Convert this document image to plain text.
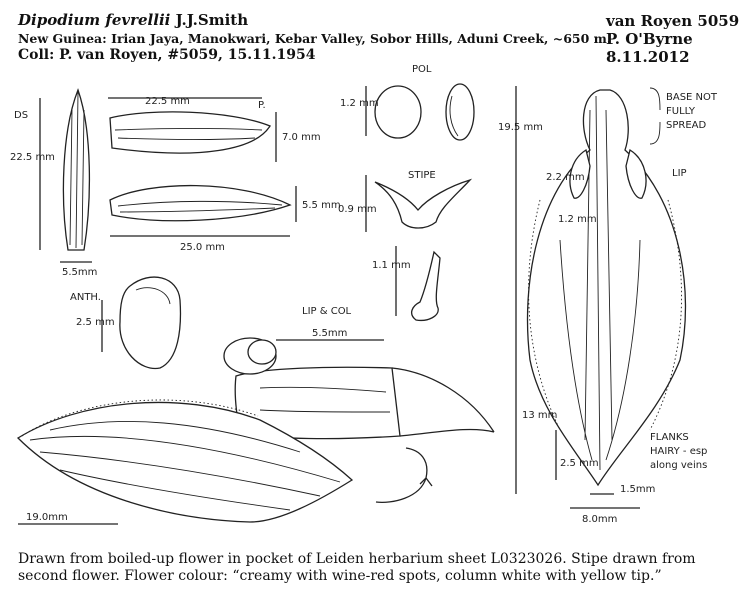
Dipodium fevrellii J.J.Smith
New Guinea: Irian Jaya, Manokwari, Kebar Valley, Sobor Hills, Aduni Creek, ~650 m.
Coll: P. van Royen, #5059, 15.11.1954
van Royen 5059
P. O'Byrne
8.11.2012
DS
22.5 mm
5.5mm
22.5 mm	P.
7.0 mm
5.5 mm
25.0 mm
POL
1.2 mm
STIPE
0.9 mm
1.1 mm
ANTH.
2.5 mm
LIP & COL
5.5mm
19.0mm
BASE NOT
FULLY
SPREAD
LIP
19.5 mm
2.2 mm
1.2 mm
13 mm
2.5 mm
1.5mm
8.0mm
FLANKS
HAIRY - esp
along veins
Drawn from boiled-up flower in pocket of Leiden herbarium sheet L0323026. Stipe drawn from second flower. Flower colour: “creamy with wine-red spots, column white with yellow tip.”
